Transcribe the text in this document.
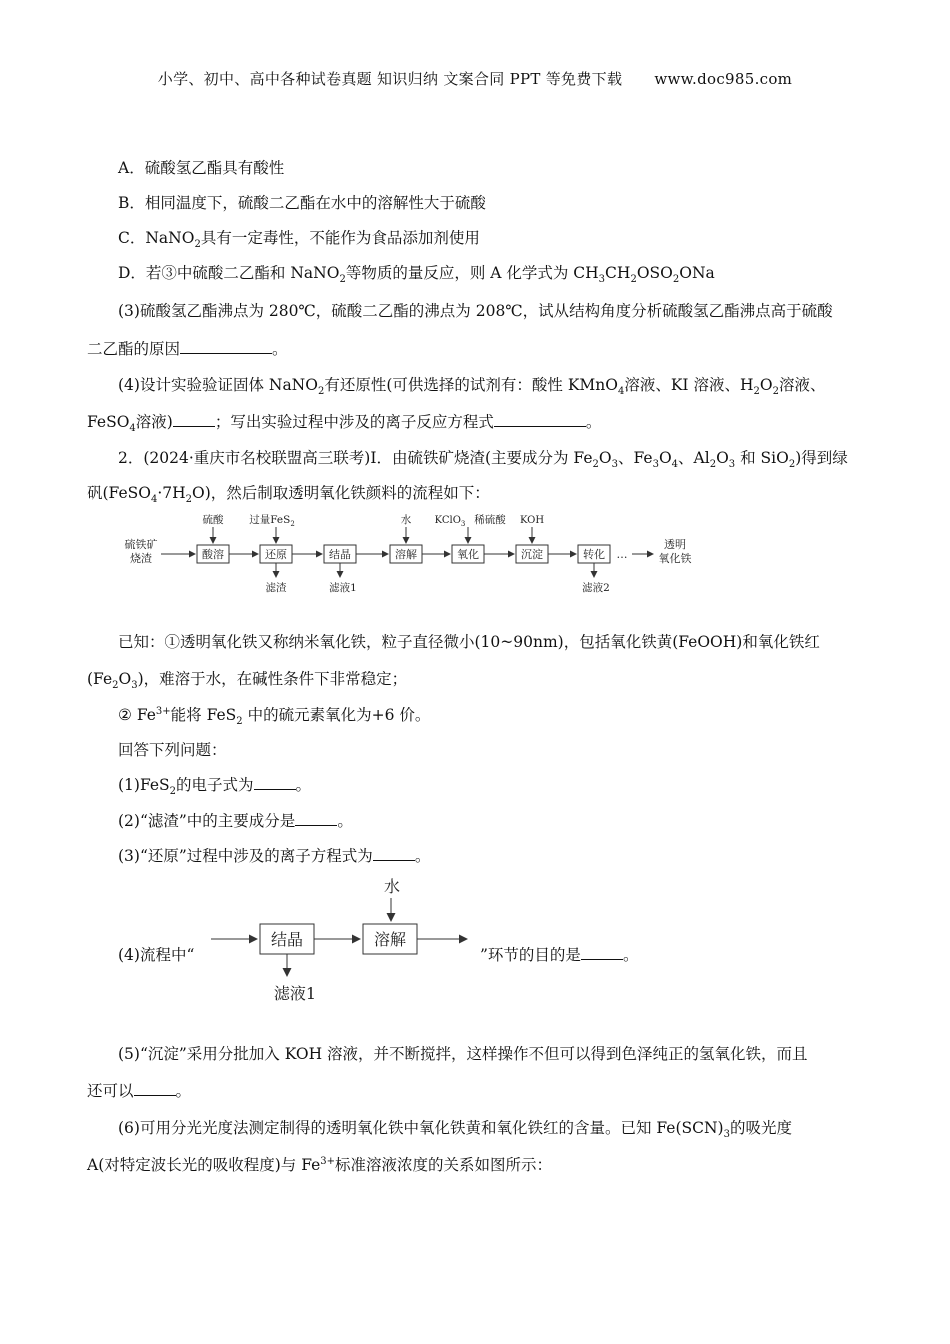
小学、初中、高中各种试卷真题 知识归纳 文案合同 PPT 等免费下载 www.doc985.com
A．硫酸氢乙酯具有酸性
B．相同温度下，硫酸二乙酯在水中的溶解性大于硫酸
C．NaNO$_2$具有一定毒性，不能作为食品添加剂使用
D．若③中硫酸二乙酯和 NaNO$_2$等物质的量反应，则 A 化学式为 $CH_3CH_2OSO_2ONa$
(3)硫酸氢乙酯沸点为 280℃，硫酸二乙酯的沸点为 208℃，试从结构角度分析硫酸氢乙酯沸点高于硫酸
二乙酯的原因	。
(4)设计实验验证固体 NaNO$_2$有还原性(可供选择的试剂有：酸性 KMnO$_4$溶液、KI 溶液、$H_2O_2$溶液、
FeSO$_4$溶液)	；写出实验过程中涉及的离子反应方程式	。
2．(2024·重庆市名校联盟高三联考)I．由硫铁矿烧渣(主要成分为 $Fe_2O_3$、$Fe_3O_4$、$Al_2O_3$ 和 SiO$_2$)得到绿
矾$(FeSO_4\cdot 7H_2O)$，然后制取透明氧化铁颜料的流程如下：
硫铁矿
烧渣	酸溶	还原	结晶	溶解	氧化	沉淀	转化 …
透明
氧化铁
硫酸 过量FeS$_2$	水 KClO$_3$ 稀硫酸 KOH
滤渣	滤液1	滤液2
已知：①透明氧化铁又称纳米氧化铁，粒子直径微小(10~90nm)，包括氧化铁黄(FeOOH)和氧化铁红
$(Fe_2O_3)$，难溶于水，在碱性条件下非常稳定；
② $Fe^{3+}$能将 FeS$_2$ 中的硫元素氧化为+6 价。
回答下列问题：
(1)FeS$_2$的电子式为	。
(2)“滤渣”中的主要成分是	。
(3)“还原”过程中涉及的离子方程式为	。
(4)流程中“
结晶	溶解
水
滤液1
”环节的目的是	。
(5)“沉淀”采用分批加入 KOH 溶液，并不断搅拌，这样操作不但可以得到色泽纯正的氢氧化铁，而且
还可以	。
(6)可用分光光度法测定制得的透明氧化铁中氧化铁黄和氧化铁红的含量。已知 $Fe(SCN)_3$的吸光度
A(对特定波长光的吸收程度)与 $Fe^{3+}$标准溶液浓度的关系如图所示：
